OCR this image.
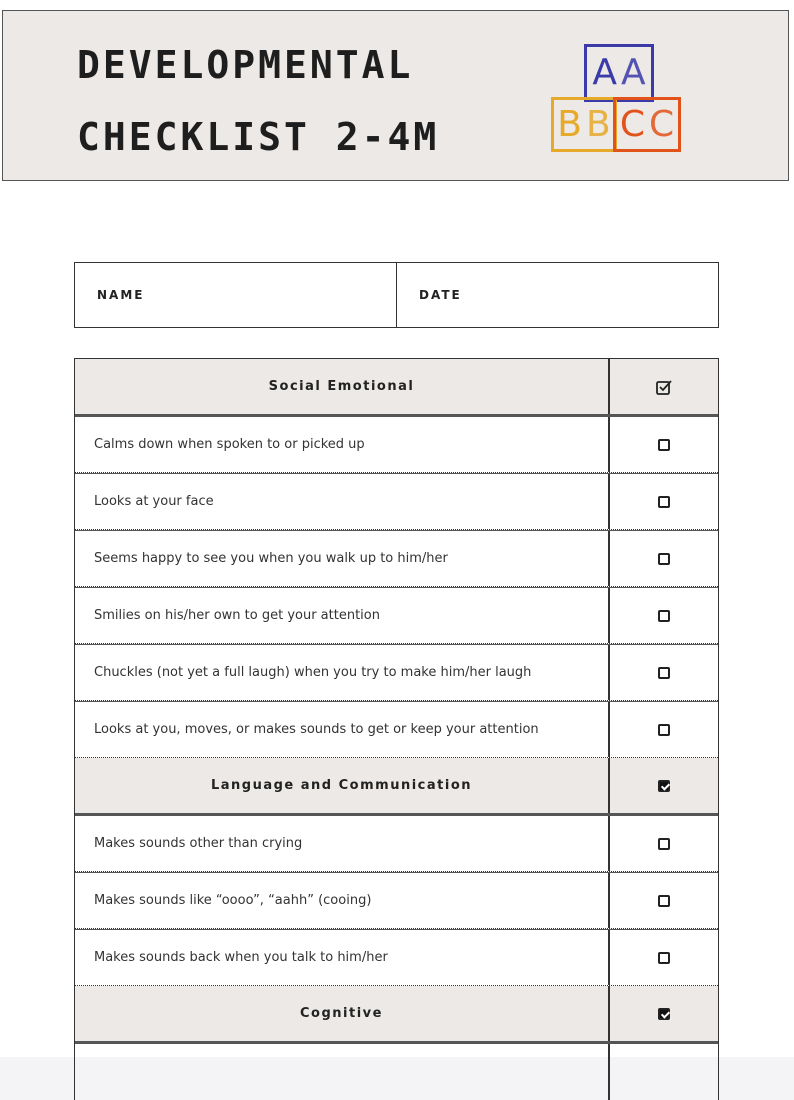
DEVELOPMENTAL
CHECKLIST 2-4M
A A
B B C C
NAME	DATE
Social Emotional
Calms down when spoken to or picked up
Looks at your face
Seems happy to see you when you walk up to him/her
Smilies on his/her own to get your attention
Chuckles (not yet a full laugh) when you try to make him/her laugh
Looks at you, moves, or makes sounds to get or keep your attention
Language and Communication
Makes sounds other than crying
Makes sounds like “oooo”, “aahh” (cooing)
Makes sounds back when you talk to him/her
Cognitive
